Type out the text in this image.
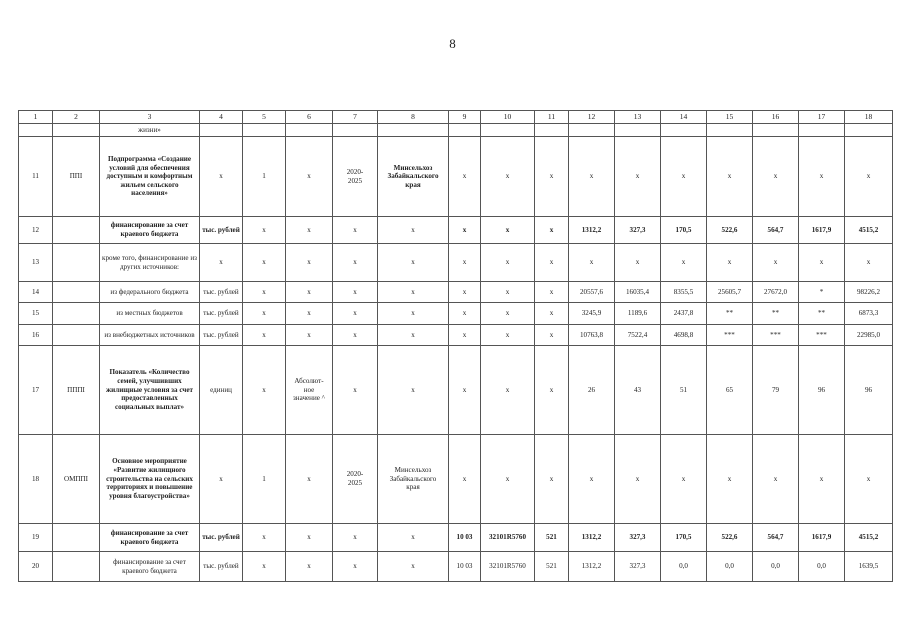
8
1	2	3	4	5	6	7	8	9	10	11	12	13	14	15	16	17	18
		жизни»															
11	ППI	Подпрограмма «Создание условий для обеспечения доступным и комфортным жильем сельского населения»	x	1	x	2020-
2025	Минсельхоз
Забайкальского
края	x	x	x	x	x	x	x	x	x	x
12		финансирование за счет краевого бюджета	тыс. рублей	x	x	x	x	x	x	x	1312,2	327,3	170,5	522,6	564,7	1617,9	4515,2
13		кроме того, финансирование из других источников:	x	x	x	x	x	x	x	x	x	x	x	x	x	x	x
14		из федерального бюджета	тыс. рублей	x	x	x	x	x	x	x	20557,6	16035,4	8355,5	25605,7	27672,0	*	98226,2
15		из местных бюджетов	тыс. рублей	x	x	x	x	x	x	x	3245,9	1189,6	2437,8	**	**	**	6873,3
16		из внебюджетных источников	тыс. рублей	x	x	x	x	x	x	x	10763,8	7522,4	4698,8	***	***	***	22985,0
17	ПППI	Показатель «Количество семей, улучшивших жилищные условия за счет предоставленных социальных выплат»	единиц	x	Абсолют-
ное
значение ^	x	x	x	x	x	26	43	51	65	79	96	96
18	ОМППI	Основное мероприятие «Развитие жилищного строительства на сельских территориях и повышение уровня благоустройства»	x	1	x	2020-
2025	Минсельхоз
Забайкальского
края	x	x	x	x	x	x	x	x	x	x
19		финансирование за счет краевого бюджета	тыс. рублей	x	x	x	x	10 03	32101R5760	521	1312,2	327,3	170,5	522,6	564,7	1617,9	4515,2
20		финансирование за счет краевого бюджета	тыс. рублей	x	x	x	x	10 03	32101R5760	521	1312,2	327,3	0,0	0,0	0,0	0,0	1639,5
